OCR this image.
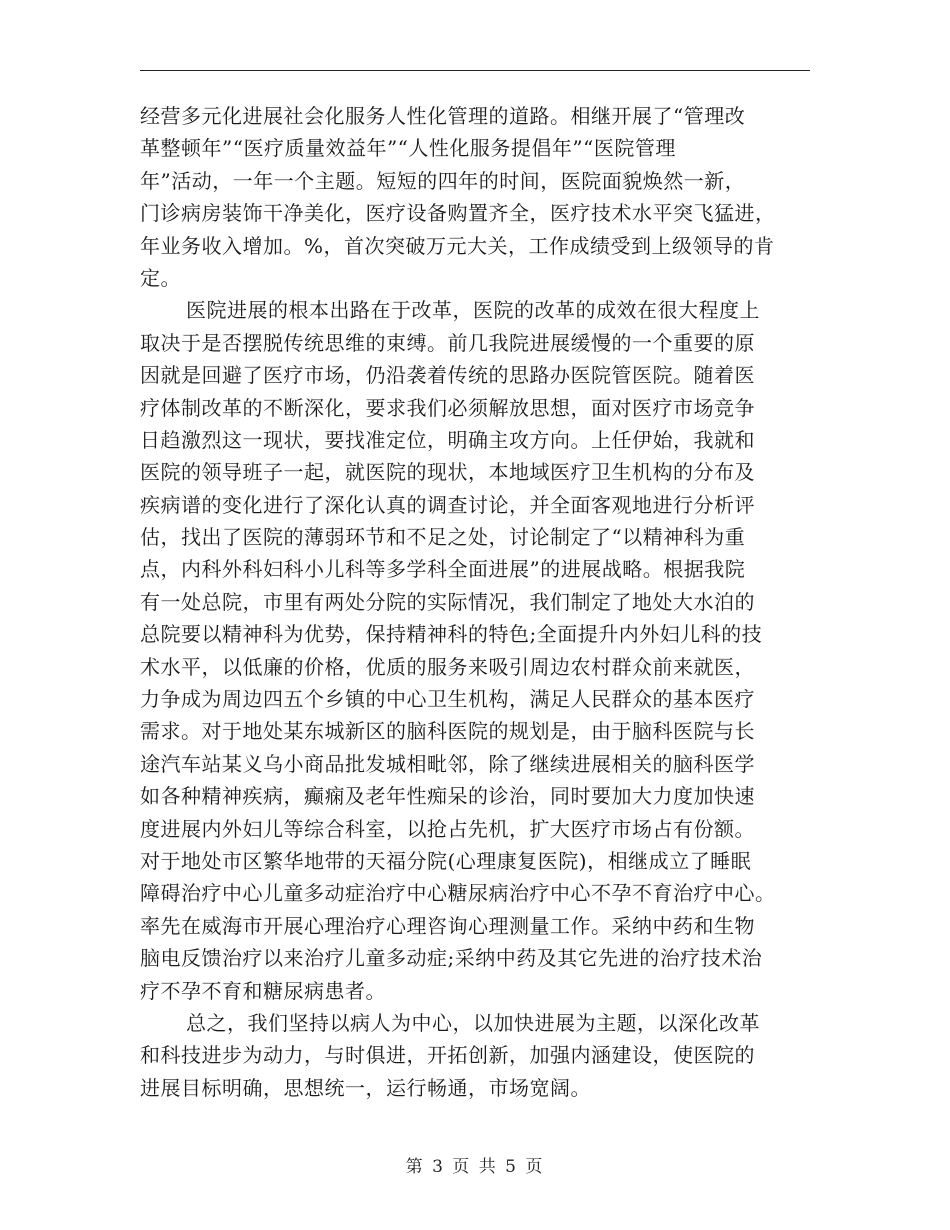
经营多元化进展社会化服务人性化管理的道路。相继开展了“管理改
革整顿年”“医疗质量效益年”“人性化服务提倡年”“医院管理
年”活动，一年一个主题。短短的四年的时间，医院面貌焕然一新，
门诊病房装饰干净美化，医疗设备购置齐全，医疗技术水平突飞猛进，
年业务收入增加。%，首次突破万元大关，工作成绩受到上级领导的肯
定。
医院进展的根本出路在于改革，医院的改革的成效在很大程度上
取决于是否摆脱传统思维的束缚。前几我院进展缓慢的一个重要的原
因就是回避了医疗市场，仍沿袭着传统的思路办医院管医院。随着医
疗体制改革的不断深化，要求我们必须解放思想，面对医疗市场竞争
日趋激烈这一现状，要找准定位，明确主攻方向。上任伊始，我就和
医院的领导班子一起，就医院的现状，本地域医疗卫生机构的分布及
疾病谱的变化进行了深化认真的调查讨论，并全面客观地进行分析评
估，找出了医院的薄弱环节和不足之处，讨论制定了“以精神科为重
点，内科外科妇科小儿科等多学科全面进展”的进展战略。根据我院
有一处总院，市里有两处分院的实际情况，我们制定了地处大水泊的
总院要以精神科为优势，保持精神科的特色;全面提升内外妇儿科的技
术水平，以低廉的价格，优质的服务来吸引周边农村群众前来就医，
力争成为周边四五个乡镇的中心卫生机构，满足人民群众的基本医疗
需求。对于地处某东城新区的脑科医院的规划是，由于脑科医院与长
途汽车站某义乌小商品批发城相毗邻，除了继续进展相关的脑科医学
如各种精神疾病，癫痫及老年性痴呆的诊治，同时要加大力度加快速
度进展内外妇儿等综合科室，以抢占先机，扩大医疗市场占有份额。
对于地处市区繁华地带的天福分院(心理康复医院)，相继成立了睡眠
障碍治疗中心儿童多动症治疗中心糖尿病治疗中心不孕不育治疗中心。
率先在威海市开展心理治疗心理咨询心理测量工作。采纳中药和生物
脑电反馈治疗以来治疗儿童多动症;采纳中药及其它先进的治疗技术治
疗不孕不育和糖尿病患者。
总之，我们坚持以病人为中心，以加快进展为主题，以深化改革
和科技进步为动力，与时俱进，开拓创新，加强内涵建设，使医院的
进展目标明确，思想统一，运行畅通，市场宽阔。
第 3 页 共 5 页
